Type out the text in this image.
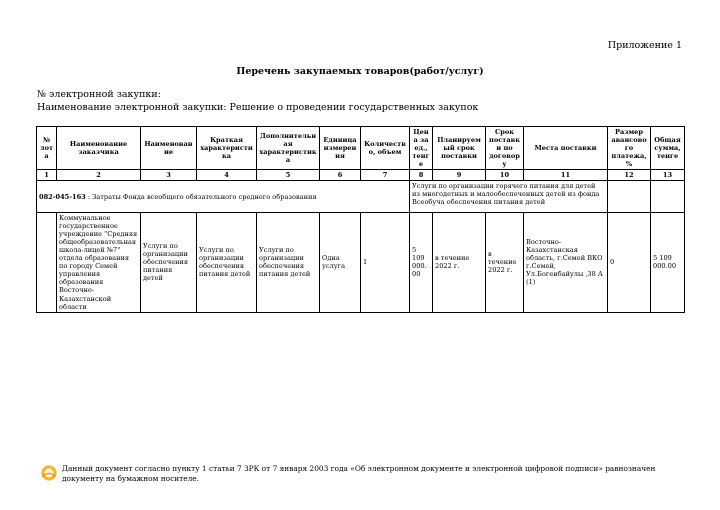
Приложение 1
Перечень закупаемых товаров(работ/услуг)
№ электронной закупки:
Наименование электронной закупки: Решение о проведении государственных закупок
№ лота	Наименование заказчика	Наименование	Краткая характеристика	Дополнительная характеристика	Единица измерения	Количество, объем	Цена за ед., тенге	Планируемый срок поставки	Срок поставки по договору	Места поставки	Размер авансового платежа, %	Общая сумма, тенге
1	2	3	4	5	6	7	8	9	10	11	12	13
082-045-163 : Затраты Фонда всеобщего обязательного среднего образования							Услуги по организации горячего питания для детей из многодетных и малообеспеченных детей из фонда Всеобуча обеспечения питания детей					
	Коммунальное государственное учреждение "Средняя общеобразовательная школа-лицей №7" отдела образования по городу Семей управления образования Восточно-Казахстанской области	Услуги по организации обеспечения питания детей	Услуги по организации обеспечения питания детей	Услуги по организации обеспечения питания детей	Одна услуга	1	5 109 000.00	в течение 2022 г.	в течение 2022 г.	Восточно-Казахстанская область, г.Семей ВКО г.Семей, Ул.Богенбайулы ,38 А (1)	0	5 109 000.00
Данный документ согласно пункту 1 статьи 7 ЗРК от 7 января 2003 года «Об электронном документе и электронной цифровой подписи» равнозначен документу на бумажном носителе.
